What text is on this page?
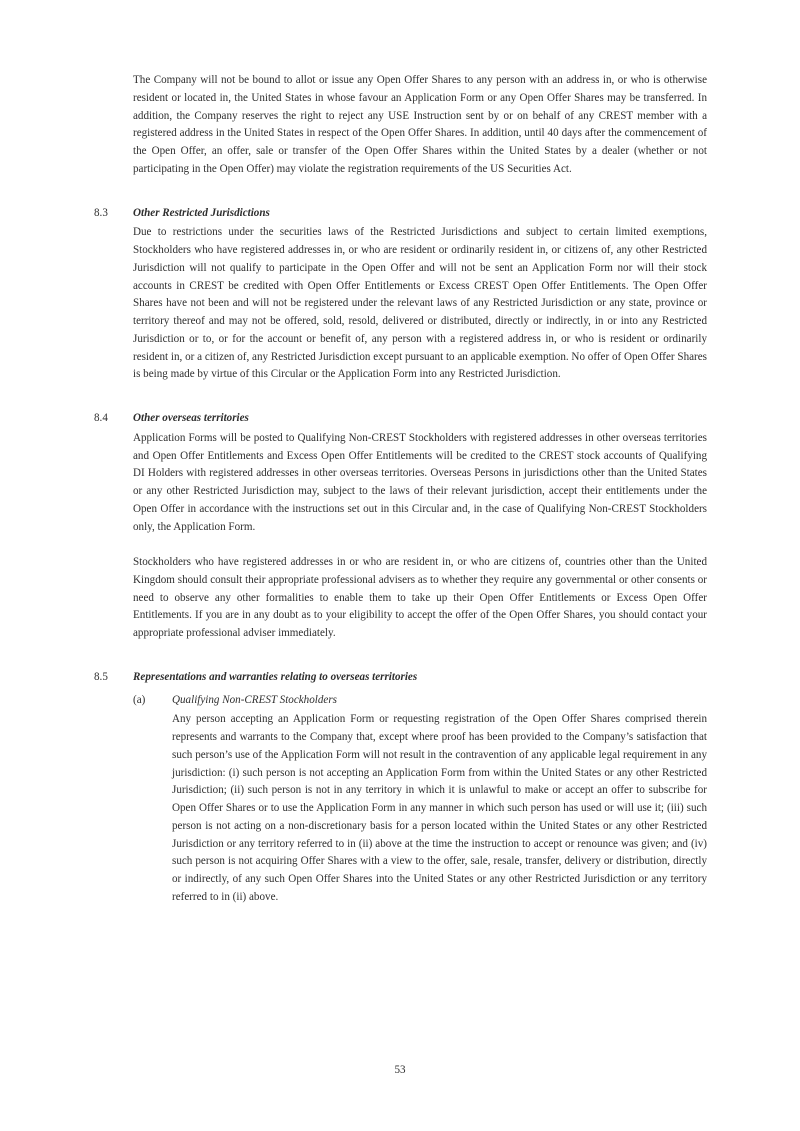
The Company will not be bound to allot or issue any Open Offer Shares to any person with an address in, or who is otherwise resident or located in, the United States in whose favour an Application Form or any Open Offer Shares may be transferred. In addition, the Company reserves the right to reject any USE Instruction sent by or on behalf of any CREST member with a registered address in the United States in respect of the Open Offer Shares. In addition, until 40 days after the commencement of the Open Offer, an offer, sale or transfer of the Open Offer Shares within the United States by a dealer (whether or not participating in the Open Offer) may violate the registration requirements of the US Securities Act.

8.3	Other Restricted Jurisdictions

Due to restrictions under the securities laws of the Restricted Jurisdictions and subject to certain limited exemptions, Stockholders who have registered addresses in, or who are resident or ordinarily resident in, or citizens of, any other Restricted Jurisdiction will not qualify to participate in the Open Offer and will not be sent an Application Form nor will their stock accounts in CREST be credited with Open Offer Entitlements or Excess CREST Open Offer Entitlements. The Open Offer Shares have not been and will not be registered under the relevant laws of any Restricted Jurisdiction or any state, province or territory thereof and may not be offered, sold, resold, delivered or distributed, directly or indirectly, in or into any Restricted Jurisdiction or to, or for the account or benefit of, any person with a registered address in, or who is resident or ordinarily resident in, or a citizen of, any Restricted Jurisdiction except pursuant to an applicable exemption. No offer of Open Offer Shares is being made by virtue of this Circular or the Application Form into any Restricted Jurisdiction.

8.4	Other overseas territories

Application Forms will be posted to Qualifying Non-CREST Stockholders with registered addresses in other overseas territories and Open Offer Entitlements and Excess Open Offer Entitlements will be credited to the CREST stock accounts of Qualifying DI Holders with registered addresses in other overseas territories. Overseas Persons in jurisdictions other than the United States or any other Restricted Jurisdiction may, subject to the laws of their relevant jurisdiction, accept their entitlements under the Open Offer in accordance with the instructions set out in this Circular and, in the case of Qualifying Non-CREST Stockholders only, the Application Form.

Stockholders who have registered addresses in or who are resident in, or who are citizens of, countries other than the United Kingdom should consult their appropriate professional advisers as to whether they require any governmental or other consents or need to observe any other formalities to enable them to take up their Open Offer Entitlements or Excess Open Offer Entitlements. If you are in any doubt as to your eligibility to accept the offer of the Open Offer Shares, you should contact your appropriate professional adviser immediately.

8.5	Representations and warranties relating to overseas territories
(a)	Qualifying Non-CREST Stockholders

Any person accepting an Application Form or requesting registration of the Open Offer Shares comprised therein represents and warrants to the Company that, except where proof has been provided to the Company’s satisfaction that such person’s use of the Application Form will not result in the contravention of any applicable legal requirement in any jurisdiction: (i) such person is not accepting an Application Form from within the United States or any other Restricted Jurisdiction; (ii) such person is not in any territory in which it is unlawful to make or accept an offer to subscribe for Open Offer Shares or to use the Application Form in any manner in which such person has used or will use it; (iii) such person is not acting on a non-discretionary basis for a person located within the United States or any other Restricted Jurisdiction or any territory referred to in (ii) above at the time the instruction to accept or renounce was given; and (iv) such person is not acquiring Offer Shares with a view to the offer, sale, resale, transfer, delivery or distribution, directly or indirectly, of any such Open Offer Shares into the United States or any other Restricted Jurisdiction or any territory referred to in (ii) above.

53
